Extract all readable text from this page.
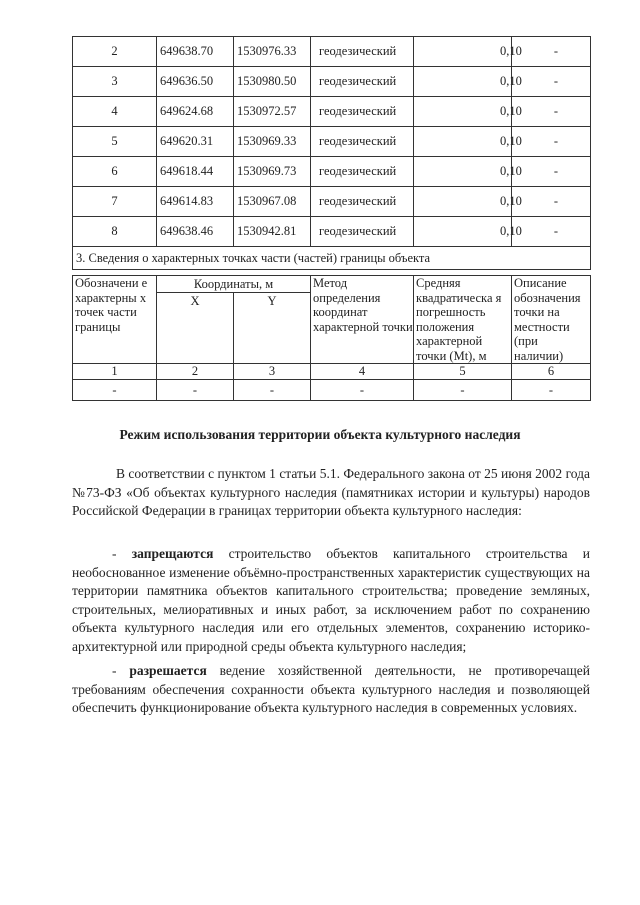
2	649638.70	1530976.33	геодезический	0,10	-
3	649636.50	1530980.50	геодезический	0,10	-
4	649624.68	1530972.57	геодезический	0,10	-
5	649620.31	1530969.33	геодезический	0,10	-
6	649618.44	1530969.73	геодезический	0,10	-
7	649614.83	1530967.08	геодезический	0,10	-
8	649638.46	1530942.81	геодезический	0,10	-
3. Сведения о характерных точках части (частей) границы объекта					
Обозначени е характерны х точек части границы	Координаты, м		Метод определения координат характерной точки	Средняя квадратическа я погрешность положения характерной точки (Mt), м	Описание обозначения точки на местности (при наличии)
	X	Y			
1	2	3	4	5	6
-	-	-	-	-	-
Режим использования территории объекта культурного наследия

В соответствии с пунктом 1 статьи 5.1. Федерального закона от 25 июня 2002 года №73-ФЗ «Об объектах культурного наследия (памятниках истории и культуры) народов Российской Федерации в границах территории объекта культурного наследия:

- запрещаются строительство объектов капитального строительства и необоснованное изменение объёмно-пространственных характеристик существующих на территории памятника объектов капитального строительства; проведение земляных, строительных, мелиоративных и иных работ, за исключением работ по сохранению объекта культурного наследия или его отдельных элементов, сохранению историко-архитектурной или природной среды объекта культурного наследия;

- разрешается ведение хозяйственной деятельности, не противоречащей требованиям обеспечения сохранности объекта культурного наследия и позволяющей обеспечить функционирование объекта культурного наследия в современных условиях.
